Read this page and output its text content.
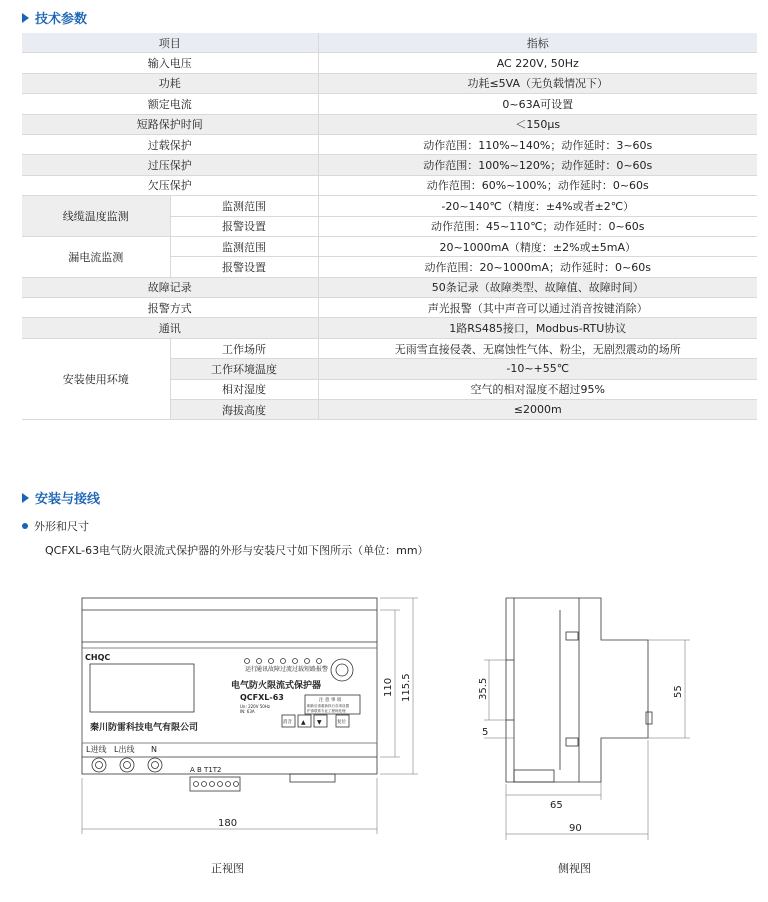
技术参数
项目		指标
输入电压		AC 220V, 50Hz
功耗		功耗≤5VA（无负载情况下）
额定电流		0~63A可设置
短路保护时间		＜150μs
过载保护		动作范围：110%~140%；动作延时：3~60s
过压保护		动作范围：100%~120%；动作延时：0~60s
欠压保护		动作范围：60%~100%；动作延时：0~60s
线缆温度监测	监测范围	-20~140℃（精度：±4%或者±2℃）
	报警设置	动作范围：45~110℃；动作延时：0~60s
漏电流监测	监测范围	20~1000mA（精度：±2%或±5mA）
	报警设置	动作范围：20~1000mA；动作延时：0~60s
故障记录		50条记录（故障类型、故障值、故障时间）
报警方式		声光报警（其中声音可以通过消音按键消除）
通讯		1路RS485接口，Modbus-RTU协议
安装使用环境	工作场所	无雨雪直接侵袭、无腐蚀性气体、粉尘，无剧烈震动的场所
	工作环境温度	-10~+55℃
	相对湿度	空气的相对湿度不超过95%
	海拔高度	≤2000m
安装与接线
外形和尺寸
QCFXL-63电气防火限流式保护器的外形与安装尺寸如下图所示（单位：mm）
CHQC
运行
通讯 故障 过流 过载 短路 报警
电气防火限流式保护器
QCFXL-63
Un: 220V 50Hz
IN: 63A
秦川防雷科技电气有限公司
注 意 事 项
刷新后请重新执行各项设置
护请联系专业工程师处理
消音 ▲ ▼	复位
L进线 L出线 N
A B T1T2
180
110 115.5	35.5
5
55
65
90
正视图	侧视图
